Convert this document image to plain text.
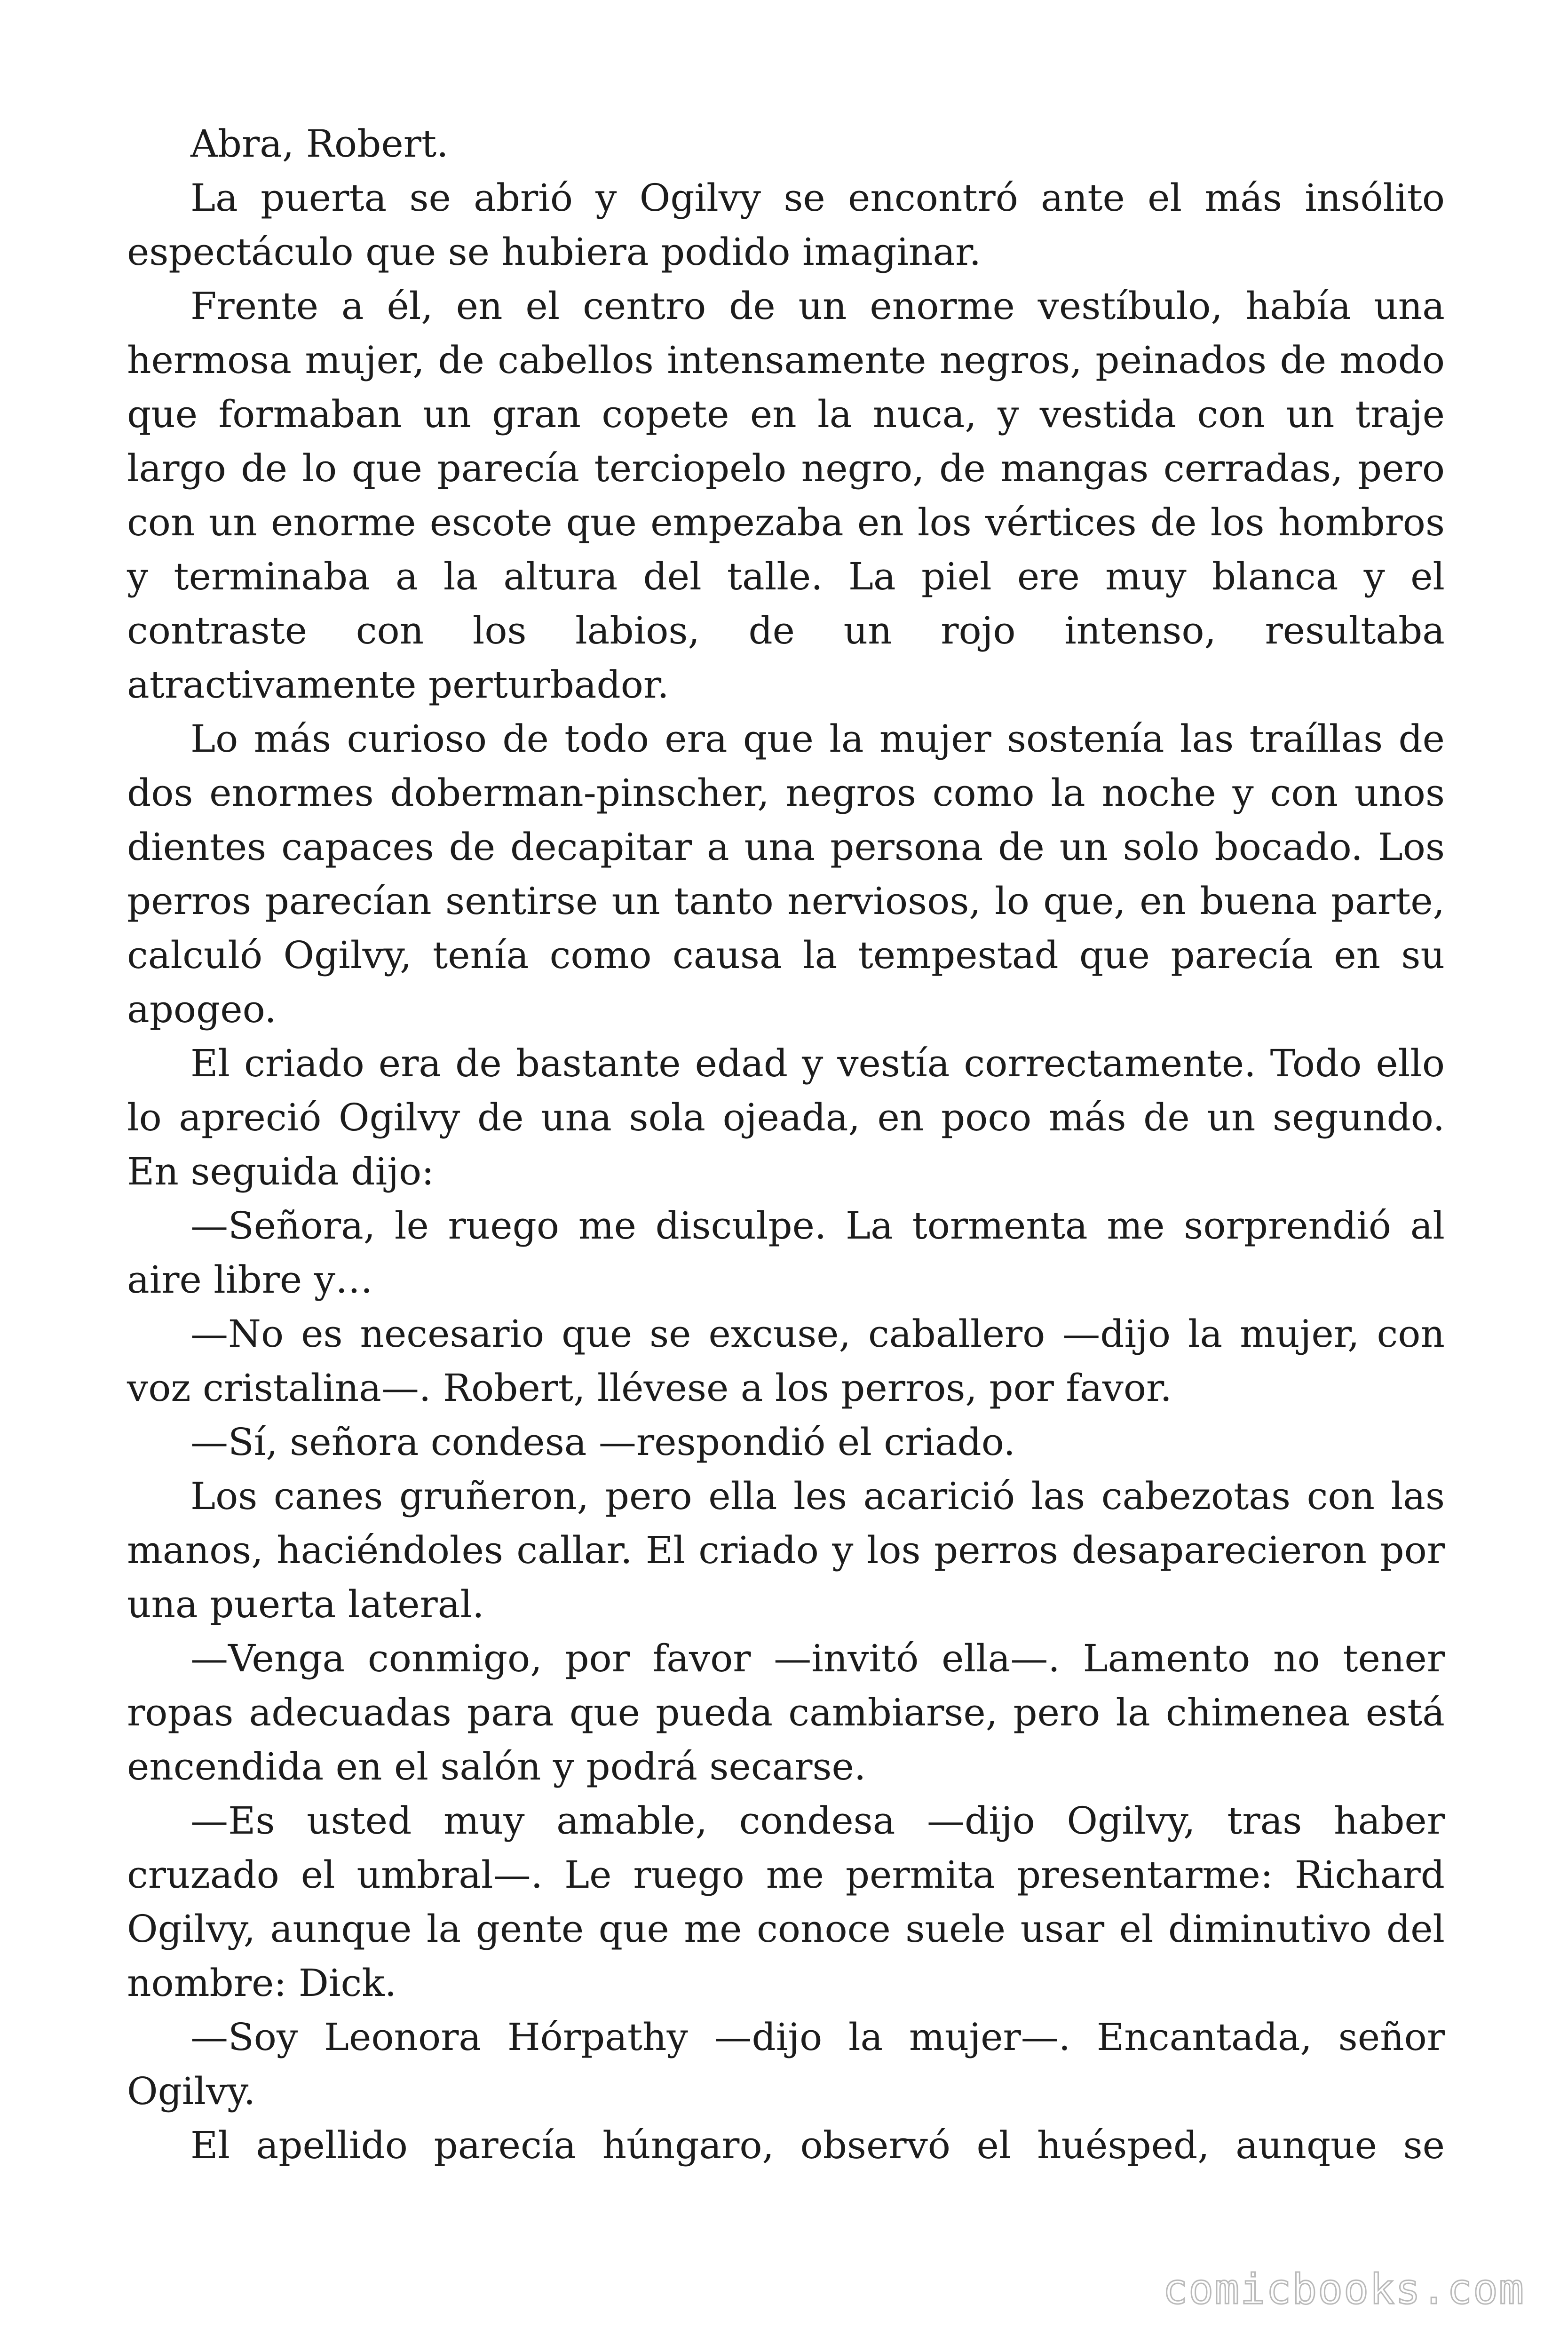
Abra, Robert.

La puerta se abrió y Ogilvy se encontró ante el más insólito espectáculo que se hubiera podido imaginar.

Frente a él, en el centro de un enorme vestíbulo, había una hermosa mujer, de cabellos intensamente negros, peinados de modo que formaban un gran copete en la nuca, y vestida con un traje largo de lo que parecía terciopelo negro, de mangas cerradas, pero con un enorme escote que empezaba en los vértices de los hombros y terminaba a la altura del talle. La piel ere muy blanca y el contraste con los labios, de un rojo intenso, resultaba atractivamente perturbador.

Lo más curioso de todo era que la mujer sostenía las traíllas de dos enormes doberman-pinscher, negros como la noche y con unos dientes capaces de decapitar a una persona de un solo bocado. Los perros parecían sentirse un tanto nerviosos, lo que, en buena parte, calculó Ogilvy, tenía como causa la tempestad que parecía en su apogeo.

El criado era de bastante edad y vestía correctamente. Todo ello lo apreció Ogilvy de una sola ojeada, en poco más de un segundo. En seguida dijo:

—Señora, le ruego me disculpe. La tormenta me sorprendió al aire libre y…

—No es necesario que se excuse, caballero —dijo la mujer, con voz cristalina—. Robert, llévese a los perros, por favor.

—Sí, señora condesa —respondió el criado.

Los canes gruñeron, pero ella les acarició las cabezotas con las manos, haciéndoles callar. El criado y los perros desaparecieron por una puerta lateral.

—Venga conmigo, por favor —invitó ella—. Lamento no tener ropas adecuadas para que pueda cambiarse, pero la chimenea está encendida en el salón y podrá secarse.

—Es usted muy amable, condesa —dijo Ogilvy, tras haber cruzado el umbral—. Le ruego me permita presentarme: Richard Ogilvy, aunque la gente que me conoce suele usar el diminutivo del nombre: Dick.

—Soy Leonora Hórpathy —dijo la mujer—. Encantada, señor Ogilvy.

El apellido parecía húngaro, observó el huésped, aunque se

comicbooks.com
